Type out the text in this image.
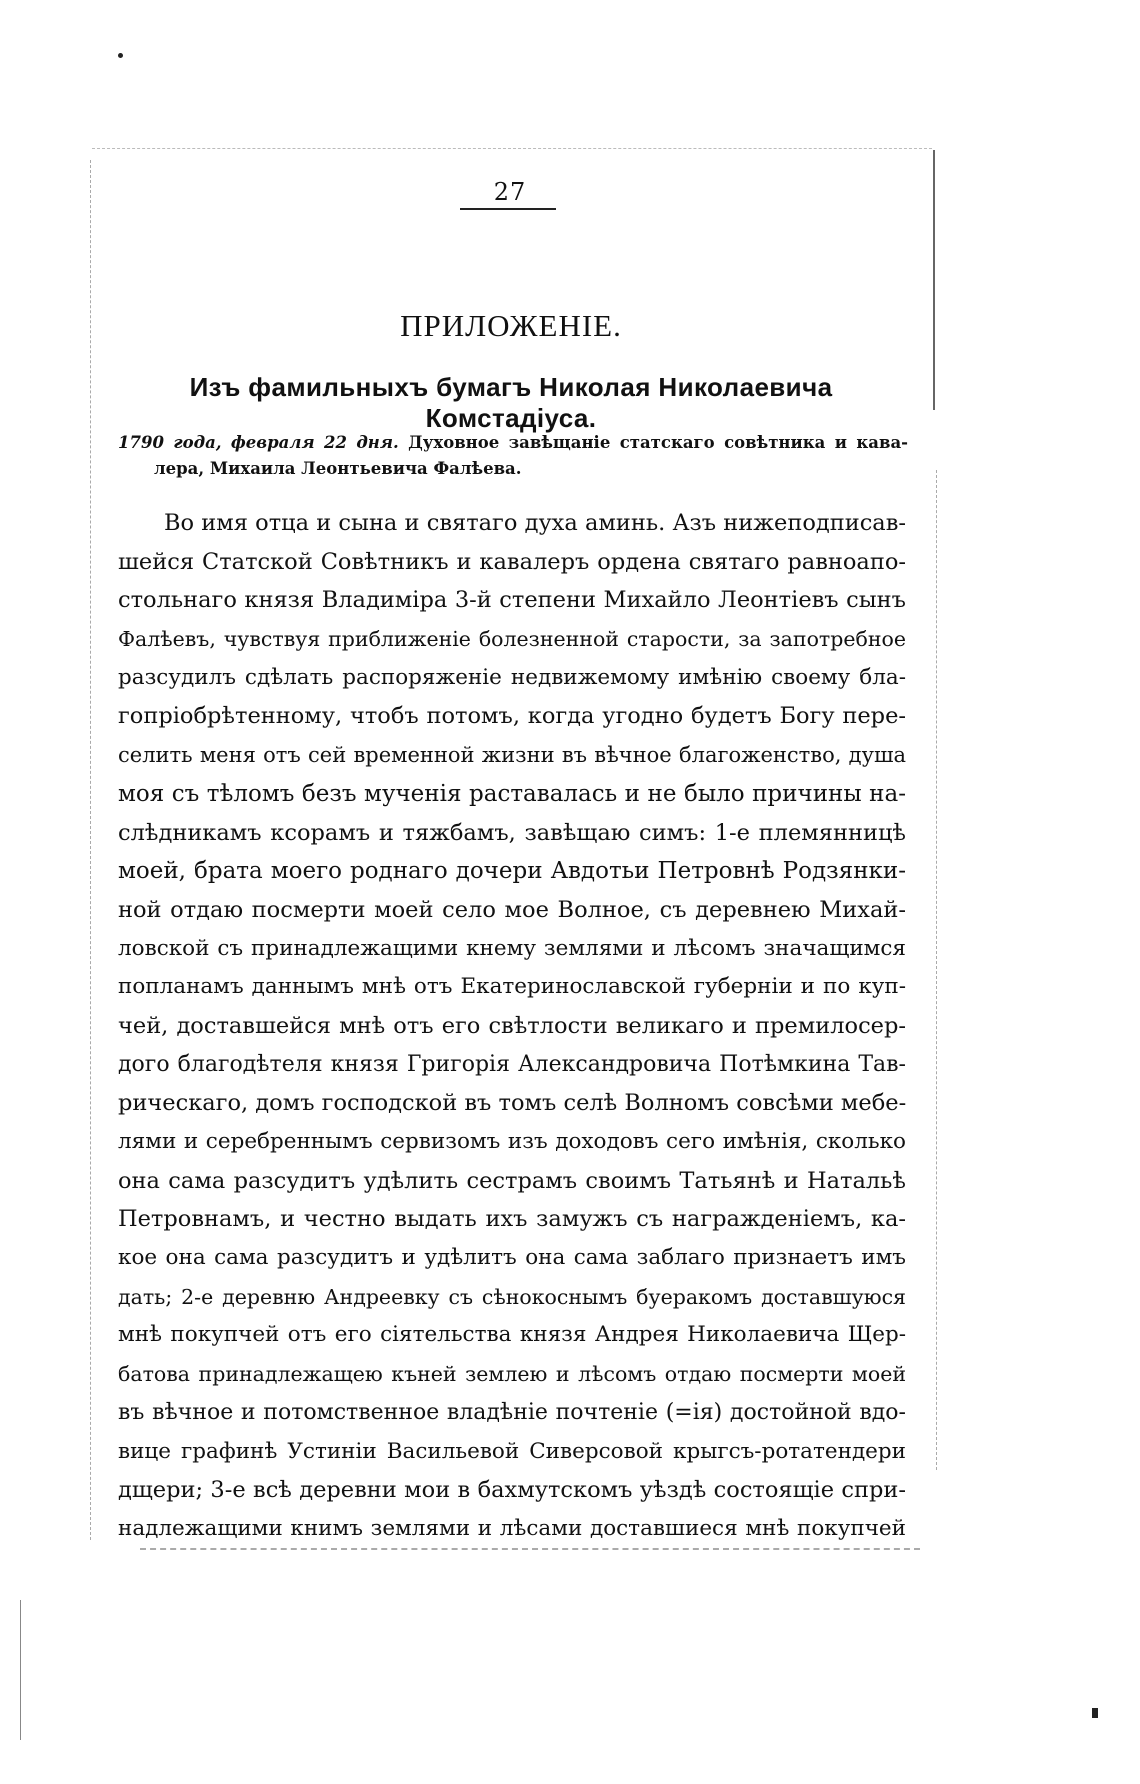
27
ПРИЛОЖЕНІЕ.
Изъ фамильныхъ бумагъ Николая Николаевича Комстадіуса.
1790 года, февраля 22 дня. Духовное завѣщаніе статскаго совѣтника и кава-
лера, Михаила Леонтьевича Фалѣева.
Во имя отца и сына и святаго духа аминь. Азъ нижеподписав-
шейся Статской Совѣтникъ и кавалеръ ордена святаго равноапо-
стольнаго князя Владиміра 3-й степени Михайло Леонтіевъ сынъ
Фалѣевъ, чувствуя приближеніе болезненной старости, за запотребное
разсудилъ сдѣлать распоряженіе недвижемому имѣнію своему бла-
гопріобрѣтенному, чтобъ потомъ, когда угодно будетъ Богу пере-
селить меня отъ сей временной жизни въ вѣчное благоженство, душа
моя съ тѣломъ безъ мученія раставалась и не было причины на-
слѣдникамъ ксорамъ и тяжбамъ, завѣщаю симъ: 1-е племянницѣ
моей, брата моего роднаго дочери Авдотьи Петровнѣ Родзянки-
ной отдаю посмерти моей село мое Волное, съ деревнею Михай-
ловской съ принадлежащими кнему землями и лѣсомъ значащимся
попланамъ даннымъ мнѣ отъ Екатеринославской губерніи и по куп-
чей, доставшейся мнѣ отъ его свѣтлости великаго и премилосер-
дого благодѣтеля князя Григорія Александровича Потѣмкина Тав-
рическаго, домъ господской въ томъ селѣ Волномъ совсѣми мебе-
лями и серебреннымъ сервизомъ изъ доходовъ сего имѣнія, сколько
она сама разсудитъ удѣлить сестрамъ своимъ Татьянѣ и Натальѣ
Петровнамъ, и честно выдать ихъ замужъ съ награжденіемъ, ка-
кое она сама разсудитъ и удѣлитъ она сама заблаго признаетъ имъ
дать; 2-е деревню Андреевку съ сѣнокоснымъ буеракомъ доставшуюся
мнѣ покупчей отъ его сіятельства князя Андрея Николаевича Щер-
батова принадлежащею къней землею и лѣсомъ отдаю посмерти моей
въ вѣчное и потомственное владѣніе почтеніе (=ія) достойной вдо-
вице графинѣ Устиніи Васильевой Сиверсовой крыгсъ-ротатендери
дщери; 3-е всѣ деревни мои в бахмутскомъ уѣздѣ состоящіе спри-
надлежащими книмъ землями и лѣсами доставшиеся мнѣ покупчей
